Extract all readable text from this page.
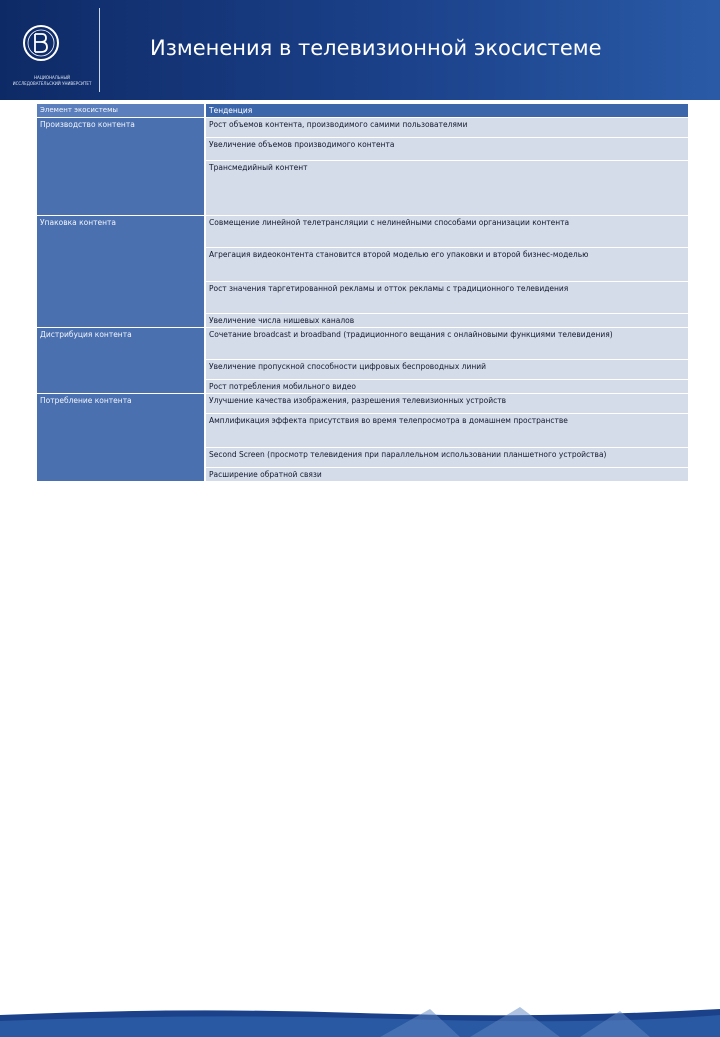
НАЦИОНАЛЬНЫЙ ИССЛЕДОВАТЕЛЬСКИЙ УНИВЕРСИТЕТ
Изменения в телевизионной экосистеме
Элемент экосистемы	Тенденция
Производство контента	Рост объемов контента, производимого самими пользователями
	Увеличение объемов производимого контента
	Трансмедийный контент
Упаковка контента	Совмещение линейной телетрансляции с нелинейными способами организации контента
	Агрегация видеоконтента становится второй моделью его упаковки и второй бизнес-моделью
	Рост значения таргетированной рекламы и отток рекламы с традиционного телевидения
	Увеличение числа нишевых каналов
Дистрибуция контента	Сочетание broadcast и broadband (традиционного вещания с онлайновыми функциями телевидения)
	Увеличение пропускной способности цифровых беспроводных линий
	Рост потребления мобильного видео
Потребление контента	Улучшение качества изображения, разрешения телевизионных устройств
	Амплификация эффекта присутствия во время телепросмотра в домашнем пространстве
	Second Screen (просмотр телевидения при параллельном использовании планшетного устройства)
	Расширение обратной связи
